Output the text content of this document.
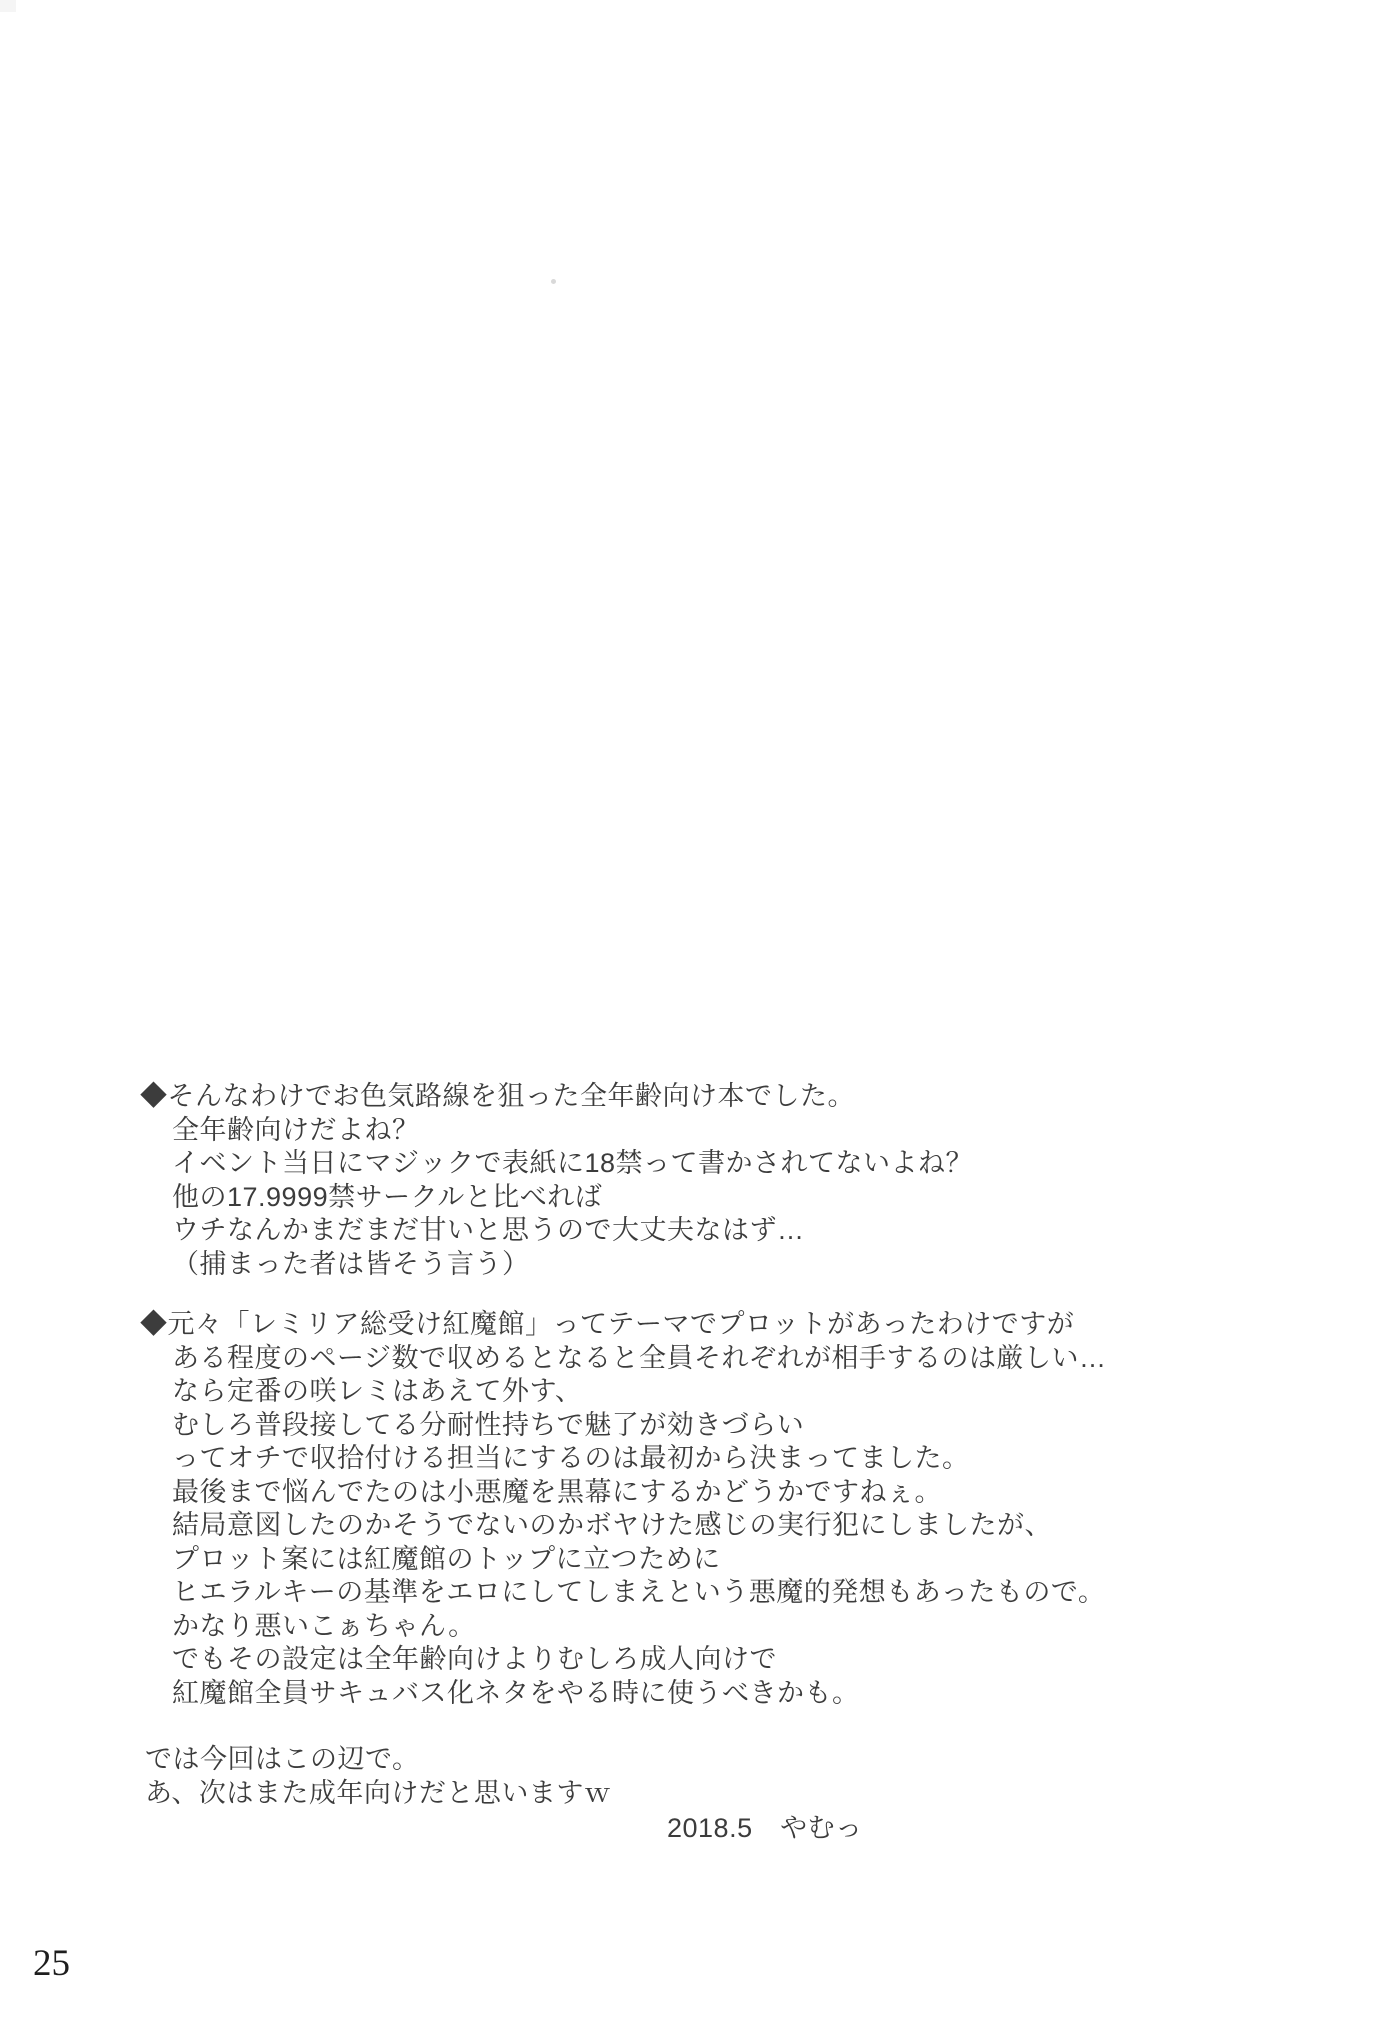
◆そんなわけでお色気路線を狙った全年齢向け本でした。
全年齢向けだよね？
イベント当日にマジックで表紙に18禁って書かされてないよね？
他の17.9999禁サークルと比べれば
ウチなんかまだまだ甘いと思うので大丈夫なはず…
（捕まった者は皆そう言う）
◆元々「レミリア総受け紅魔館」ってテーマでプロットがあったわけですが
ある程度のページ数で収めるとなると全員それぞれが相手するのは厳しい…
なら定番の咲レミはあえて外す、
むしろ普段接してる分耐性持ちで魅了が効きづらい
ってオチで収拾付ける担当にするのは最初から決まってました。
最後まで悩んでたのは小悪魔を黒幕にするかどうかですねぇ。
結局意図したのかそうでないのかボヤけた感じの実行犯にしましたが、
プロット案には紅魔館のトップに立つために
ヒエラルキーの基準をエロにしてしまえという悪魔的発想もあったもので。
かなり悪いこぁちゃん。
でもその設定は全年齢向けよりむしろ成人向けで
紅魔館全員サキュバス化ネタをやる時に使うべきかも。
では今回はこの辺で。
あ、次はまた成年向けだと思いますｗ
2018.5　やむっ
25
